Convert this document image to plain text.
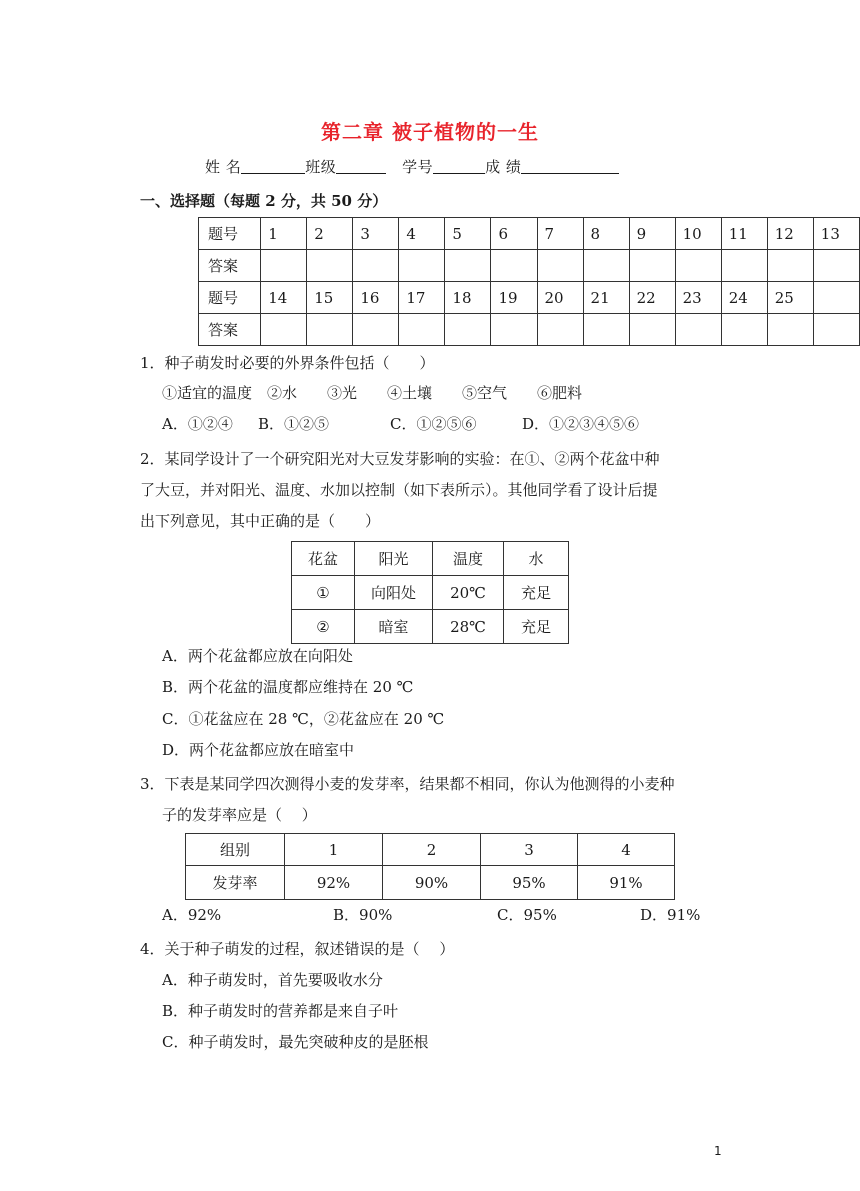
第二章 被子植物的一生
姓 名	班级	学号	成 绩
一、选择题（每题 2 分，共 50 分）
题号	1	2	3	4	5	6	7	8	9	10	11	12	13
答案													
题号	14	15	16	17	18	19	20	21	22	23	24	25	
答案													
1．种子萌发时必要的外界条件包括（　　）
①适宜的温度　②水　　③光　　④土壤　　⑤空气　　⑥肥料
A．①②④ B．①②⑤	C．①②⑤⑥	D．①②③④⑤⑥
2．某同学设计了一个研究阳光对大豆发芽影响的实验：在①、②两个花盆中种
了大豆，并对阳光、温度、水加以控制（如下表所示）。其他同学看了设计后提
出下列意见，其中正确的是（　　）
花盆	阳光	温度	水
①	向阳处	20℃	充足
②	暗室	28℃	充足
A．两个花盆都应放在向阳处
B．两个花盆的温度都应维持在 20 ℃
C．①花盆应在 28 ℃，②花盆应在 20 ℃
D．两个花盆都应放在暗室中
3．下表是某同学四次测得小麦的发芽率，结果都不相同，你认为他测得的小麦种
子的发芽率应是（　 ）
组别	1	2	3	4
发芽率	92%	90%	95%	91%
A．92%	B．90%	C．95%	D．91%
4．关于种子萌发的过程，叙述错误的是（　 ）
A．种子萌发时，首先要吸收水分
B．种子萌发时的营养都是来自子叶
C．种子萌发时，最先突破种皮的是胚根
1
